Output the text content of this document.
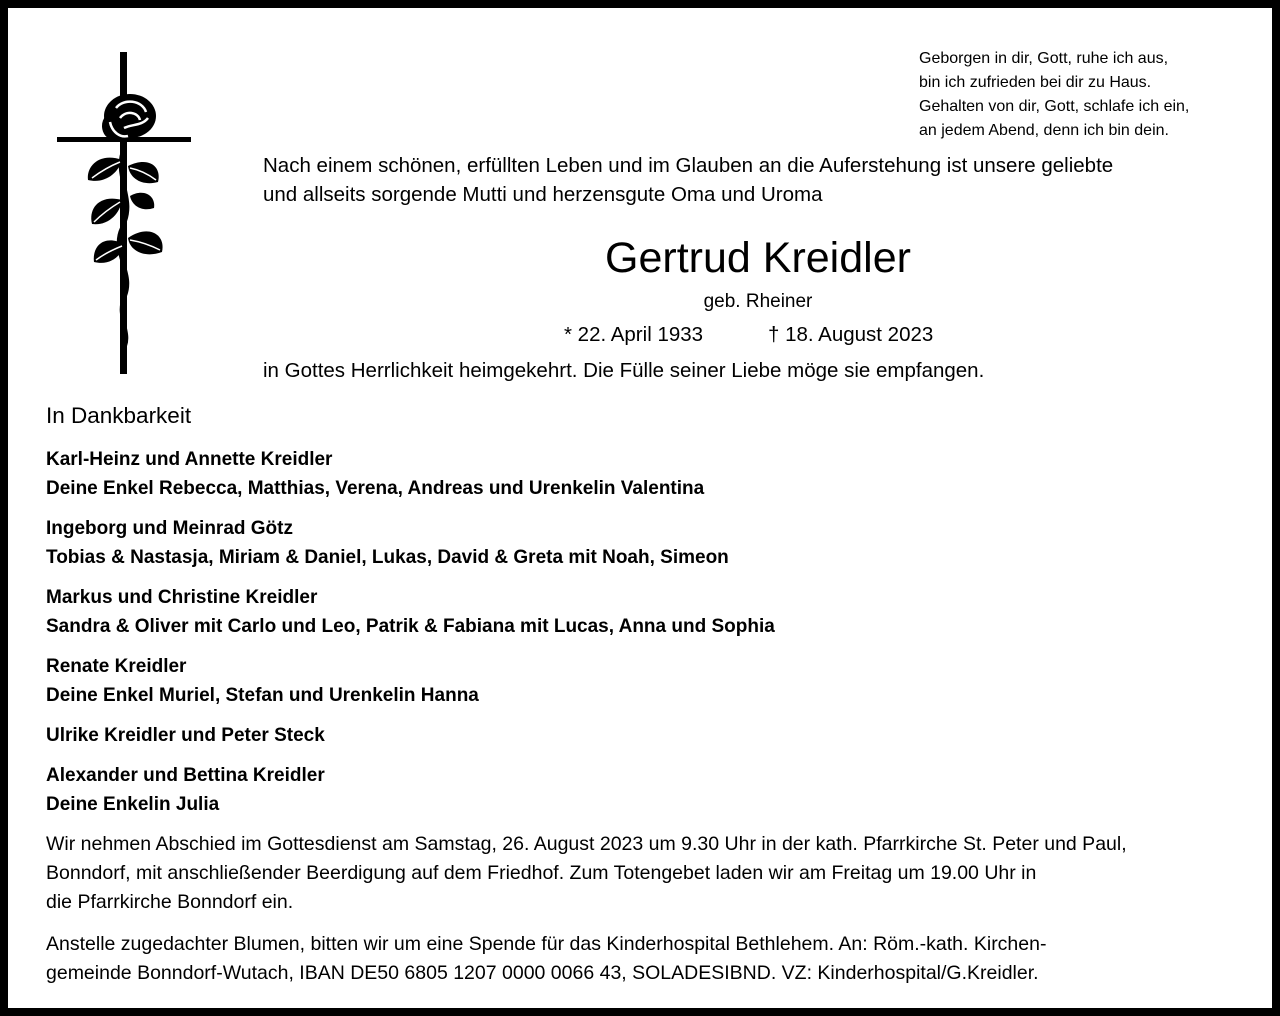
Geborgen in dir, Gott, ruhe ich aus,
bin ich zufrieden bei dir zu Haus.
Gehalten von dir, Gott, schlafe ich ein,
an jedem Abend, denn ich bin dein.
Nach einem schönen, erfüllten Leben und im Glauben an die Auferstehung ist unsere geliebte
und allseits sorgende Mutti und herzensgute Oma und Uroma
Gertrud Kreidler
geb. Rheiner
* 22. April 1933	† 18. August 2023
in Gottes Herrlichkeit heimgekehrt. Die Fülle seiner Liebe möge sie empfangen.
In Dankbarkeit
Karl-Heinz und Annette Kreidler
Deine Enkel Rebecca, Matthias, Verena, Andreas und Urenkelin Valentina
Ingeborg und Meinrad Götz
Tobias & Nastasja, Miriam & Daniel, Lukas, David & Greta mit Noah, Simeon
Markus und Christine Kreidler
Sandra & Oliver mit Carlo und Leo, Patrik & Fabiana mit Lucas, Anna und Sophia
Renate Kreidler
Deine Enkel Muriel, Stefan und Urenkelin Hanna
Ulrike Kreidler und Peter Steck
Alexander und Bettina Kreidler
Deine Enkelin Julia
Wir nehmen Abschied im Gottesdienst am Samstag, 26. August 2023 um 9.30 Uhr in der kath. Pfarrkirche St. Peter und Paul,
Bonndorf, mit anschließender Beerdigung auf dem Friedhof. Zum Totengebet laden wir am Freitag um 19.00 Uhr in
die Pfarrkirche Bonndorf ein.
Anstelle zugedachter Blumen, bitten wir um eine Spende für das Kinderhospital Bethlehem. An: Röm.-kath. Kirchen-
gemeinde Bonndorf-Wutach, IBAN DE50 6805 1207 0000 0066 43, SOLADESIBND. VZ: Kinderhospital/G.Kreidler.
